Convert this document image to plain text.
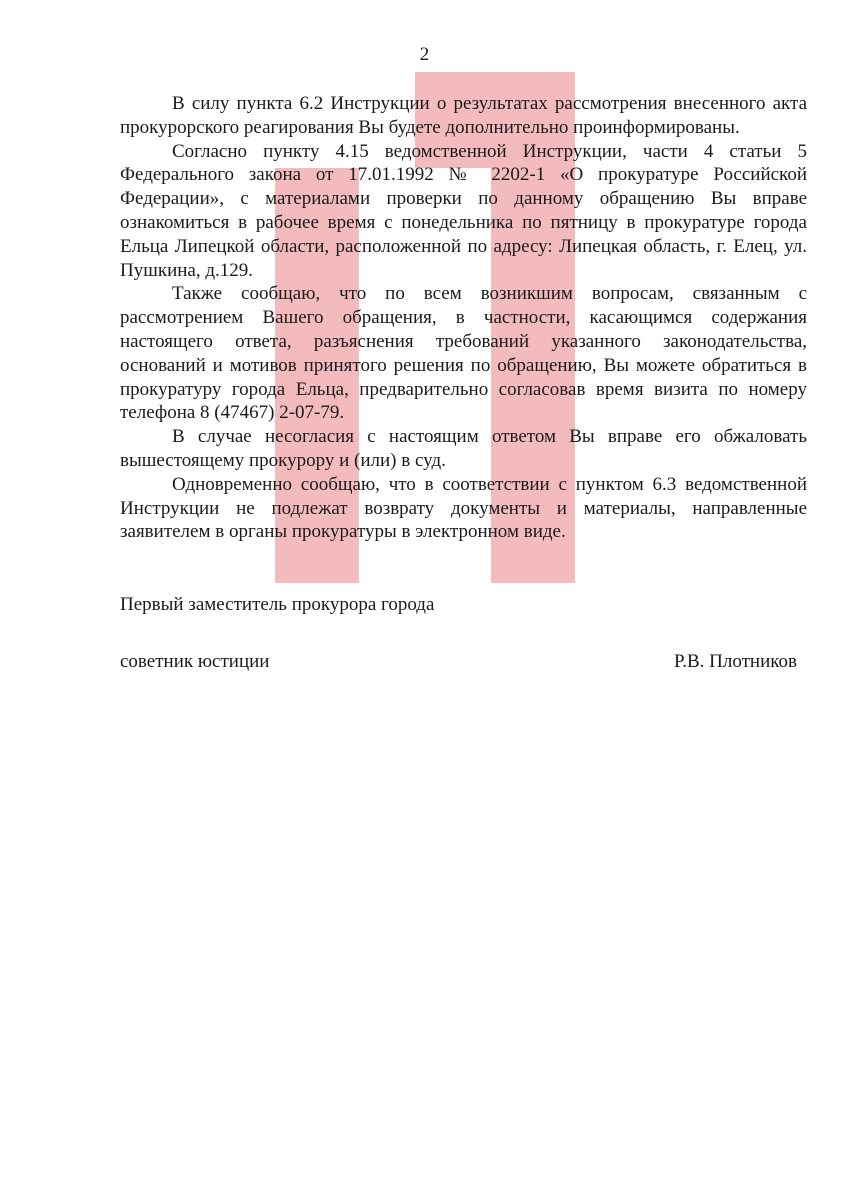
2

В силу пункта 6.2 Инструкции о результатах рассмотрения внесенного акта прокурорского реагирования Вы будете дополнительно проинформированы.

Согласно пункту 4.15 ведомственной Инструкции, части 4 статьи 5 Федерального закона от 17.01.1992 № 2202-1 «О прокуратуре Российской Федерации», с материалами проверки по данному обращению Вы вправе ознакомиться в рабочее время с понедельника по пятницу в прокуратуре города Ельца Липецкой области, расположенной по адресу: Липецкая область, г. Елец, ул. Пушкина, д.129.

Также сообщаю, что по всем возникшим вопросам, связанным с рассмотрением Вашего обращения, в частности, касающимся содержания настоящего ответа, разъяснения требований указанного законодательства, оснований и мотивов принятого решения по обращению, Вы можете обратиться в прокуратуру города Ельца, предварительно согласовав время визита по номеру телефона 8 (47467) 2-07-79.

В случае несогласия с настоящим ответом Вы вправе его обжаловать вышестоящему прокурору и (или) в суд.

Одновременно сообщаю, что в соответствии с пунктом 6.3 ведомственной Инструкции не подлежат возврату документы и материалы, направленные заявителем в органы прокуратуры в электронном виде.

Первый заместитель прокурора города
советник юстиции	Р.В. Плотников
